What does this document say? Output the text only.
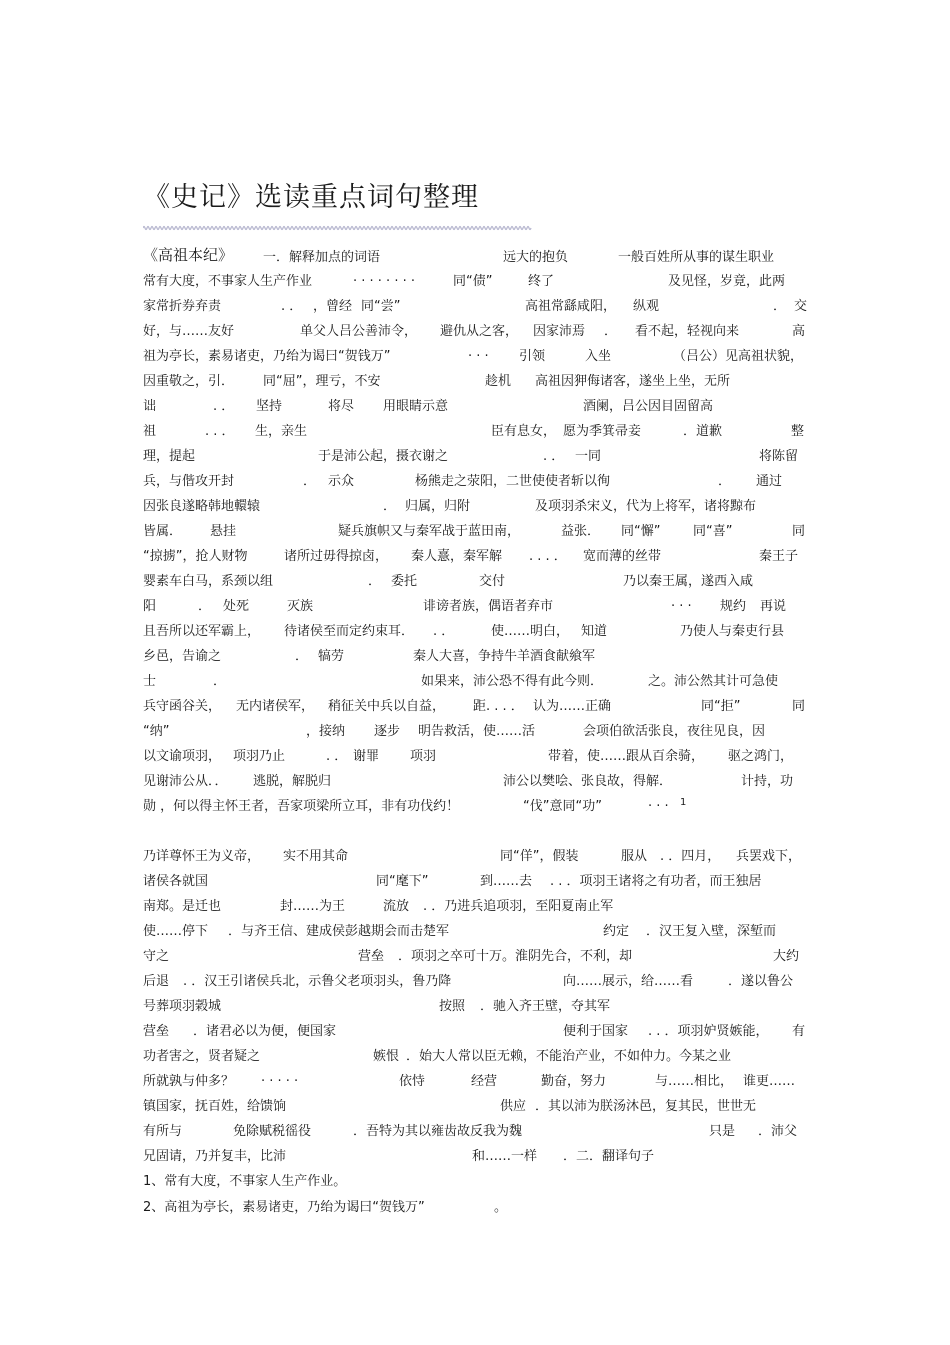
《史记》选读重点词句整理
《高祖本纪》 一．解释加点的词语	远大的抱负	一般百姓所从事的谋生职业
常有大度，不事家人生产作业	. . . . . . . .	同“债”	终了	及见怪，岁竟，此两
家常折券弃责	. ． ，曾经 同“尝”	高祖常繇咸阳， 纵观	． 交
好，与……友好	单父人吕公善沛令， 避仇从之客， 因家沛焉 ． 看不起，轻视向来	高
祖为亭长，素易诸吏，乃绐为谒曰“贺钱万”	. . . 引领	入坐	（吕公）见高祖状貌，
因重敬之，引． 同“屈”，理亏，不安	趁机 高祖因狎侮诸客，遂坐上坐，无所
诎	. ． 坚持	将尽 用眼睛示意	酒阑，吕公因目固留高
祖	. . ． 生，亲生	臣有息女， 愿为季箕帚妾	．道歉	整
理，提起	于是沛公起，摄衣谢之	. ． 一同	将陈留
兵，与偕攻开封	． 示众	杨熊走之荥阳，二世使使者斩以徇	． 通过
因张良遂略韩地轘辕	． 归属，归附	及项羽杀宋义，代为上将军，诸将黥布
皆属． 悬挂	疑兵旗帜又与秦军战于蓝田南，	益张． 同“懈”	同“喜”	同
“掠掳”，抢人财物	诸所过毋得掠卤， 秦人憙，秦军解 . . . ． 宽而薄的丝带	秦王子
婴素车白马，系颈以组	． 委托	交付	乃以秦王属，遂西入咸
阳	． 处死	灭族	诽谤者族，偶语者弃市	. . . 规约 再说
且吾所以还军霸上， 待诸侯至而定约束耳． . ．	使……明白， 知道	乃使人与秦吏行县
乡邑，告谕之	． 犒劳	秦人大喜，争持牛羊酒食献飨军
士	．	如果来，沛公恐不得有此今则．	之。沛公然其计可急使
兵守函谷关， 无内诸侯军， 稍征关中兵以自益， 距. . . ． 认为……正确	同“拒”	同
“纳”	，接纳 逐步 明告救活，使……活	会项伯欲活张良，夜往见良，因
以文谕项羽， 项羽乃止	. ． 谢罪 项羽	带着，使……跟从百余骑， 驱之鸿门，
见谢沛公从．． 逃脱，解脱归	沛公以樊哙、张良故，得解．	计持，功
勋 ，何以得主怀王者，吾家项梁所立耳，非有功伐约！	“伐”意同“功”	. . . 1
乃详尊怀王为义帝， 实不用其命	同“佯”，假装	服从 . ．四月， 兵罢戏下，
诸侯各就国	同“麾下”	到……去 . . ．项羽王诸将之有功者，而王独居
南郑。是迁也	封……为王	流放 . ．乃进兵追项羽，至阳夏南止军
使……停下 ．与齐王信、建成侯彭越期会而击楚军	约定 ．汉王复入壁，深堑而
守之	营垒 ．项羽之卒可十万。淮阴先合，不利，却	大约
后退 . ．汉王引诸侯兵北，示鲁父老项羽头，鲁乃降	向……展示，给……看	．遂以鲁公
号葬项羽榖城	按照 ．驰入齐王壁，夺其军
营垒 ．诸君必以为便，便国家	便利于国家 . . ．项羽妒贤嫉能， 有
功者害之，贤者疑之	嫉恨 ．始大人常以臣无赖，不能治产业，不如仲力。今某之业
所就孰与仲多？ . . . . .	依恃	经营	勤奋，努力	与……相比， 谁更……
镇国家，抚百姓，给馈饷	供应 ．其以沛为朕汤沐邑，复其民，世世无
有所与	免除赋税徭役	．吾特为其以雍齿故反我为魏	只是 ．沛父
兄固请，乃并复丰，比沛	和……一样 ．二．翻译句子
1、常有大度，不事家人生产作业。
2、高祖为亭长，素易诸吏，乃绐为谒曰“贺钱万”	。
